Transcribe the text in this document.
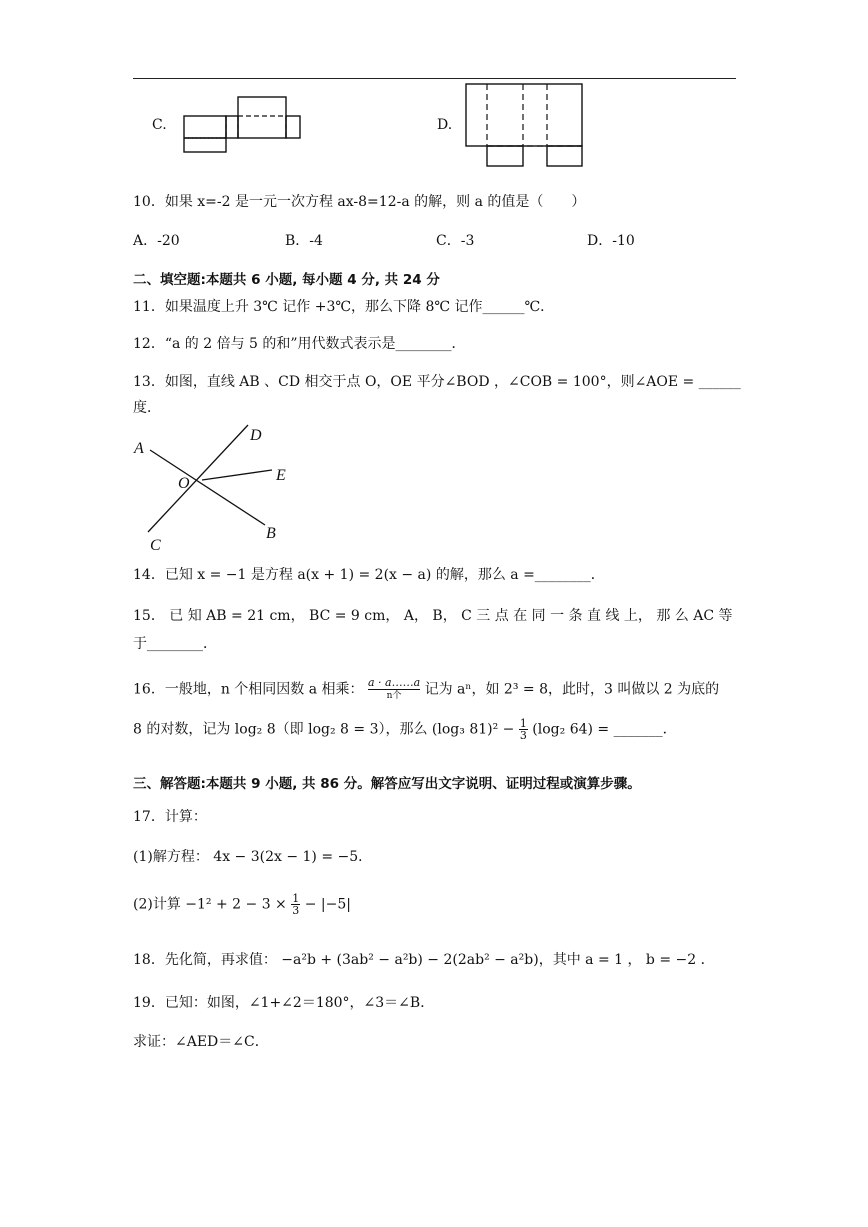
C.	D.
10．如果 x=-2 是一元一次方程 ax-8=12-a 的解，则 a 的值是（　　）
A．-20	B．-4	C．-3	D．-10
二、填空题:本题共 6 小题, 每小题 4 分, 共 24 分
11．如果温度上升 3℃ 记作 +3℃，那么下降 8℃ 记作______℃．
12．“a 的 2 倍与 5 的和”用代数式表示是________．
13．如图，直线 AB 、CD 相交于点 O，OE 平分∠BOD ，∠COB = 100°，则∠AOE = ______
度．
A
D
E
O
B
C
14．已知 x = −1 是方程 a(x + 1) = 2(x − a) 的解，那么 a =________．
15． 已 知 AB = 21 cm， BC = 9 cm， A， B， C 三 点 在 同 一 条 直 线 上， 那 么 AC 等
于________．
16．一般地，n 个相同因数 a 相乘： a · a……a
n个	记为 aⁿ，如 2³ = 8，此时，3 叫做以 2 为底的
8 的对数，记为 log₂ 8（即 log₂ 8 = 3），那么 (log₃ $81)^2 - \frac{1}{3} (\log_2$ 64) = _______．
三、解答题:本题共 9 小题, 共 86 分。解答应写出文字说明、证明过程或演算步骤。
17．计算：
(1)解方程： 4x − 3(2x − 1) = −5．
(2)计算 $-1^2 + 2 - 3 \times \frac{1}{3} - |-5|$
18．先化简，再求值： −a²b + (3ab² − a²b) − 2(2ab² − a²b)，其中 a = 1 ， b = −2 ．
19．已知：如图，∠1+∠2＝180°，∠3＝∠B．
求证：∠AED＝∠C．
